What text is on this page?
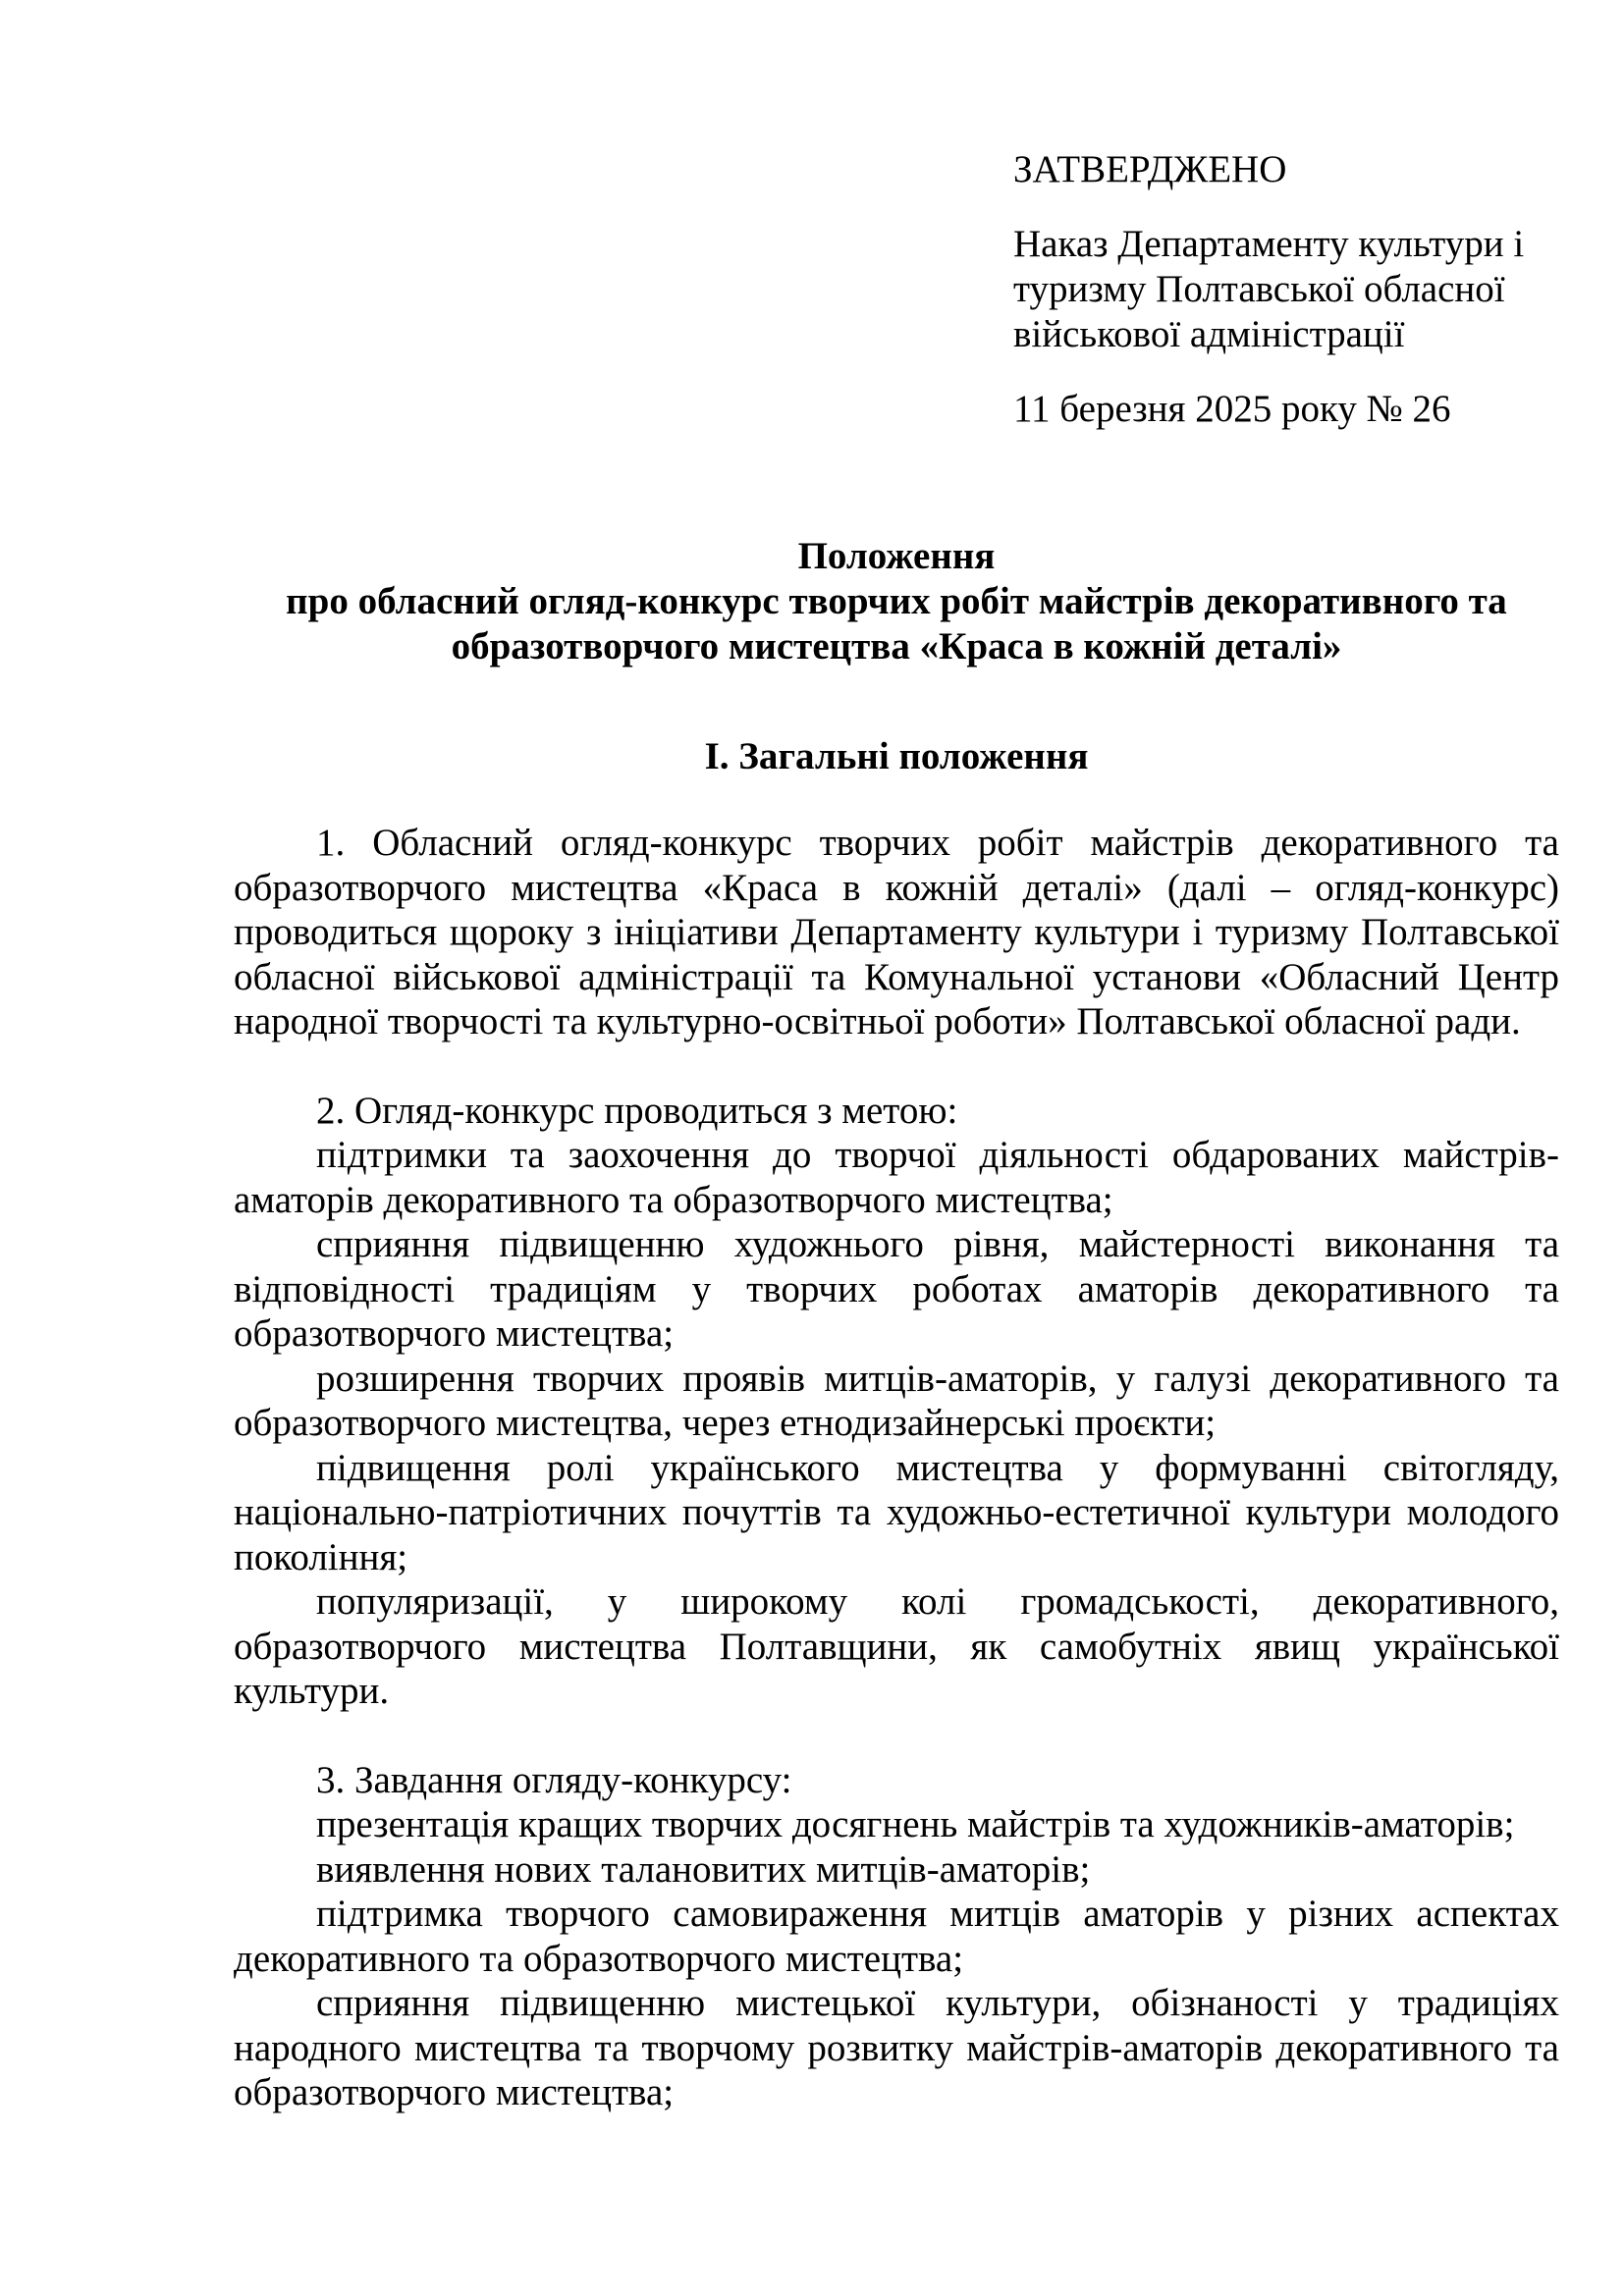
ЗАТВЕРДЖЕНО
Наказ Департаменту культури і туризму Полтавської обласної військової адміністрації
11 березня 2025 року № 26
Положення
про обласний огляд-конкурс творчих робіт майстрів декоративного та
образотворчого мистецтва «Краса в кожній деталі»
І. Загальні положення

1. Обласний огляд-конкурс творчих робіт майстрів декоративного та образотворчого мистецтва «Краса в кожній деталі» (далі – огляд-конкурс) проводиться щороку з ініціативи Департаменту культури і туризму Полтавської обласної військової адміністрації та Комунальної установи «Обласний Центр народної творчості та культурно-освітньої роботи» Полтавської обласної ради.

2. Огляд-конкурс проводиться з метою:

підтримки та заохочення до творчої діяльності обдарованих майстрів-аматорів декоративного та образотворчого мистецтва;

сприяння підвищенню художнього рівня, майстерності виконання та відповідності традиціям у творчих роботах аматорів декоративного та образотворчого мистецтва;

розширення творчих проявів митців-аматорів, у галузі декоративного та образотворчого мистецтва, через етнодизайнерські проєкти;

підвищення ролі українського мистецтва у формуванні світогляду, національно-патріотичних почуттів та художньо-естетичної культури молодого покоління;

популяризації, у широкому колі громадськості, декоративного, образотворчого мистецтва Полтавщини, як самобутніх явищ української культури.

3. Завдання огляду-конкурсу:

презентація кращих творчих досягнень майстрів та художників-аматорів;

виявлення нових талановитих митців-аматорів;

підтримка творчого самовираження митців аматорів у різних аспектах декоративного та образотворчого мистецтва;

сприяння підвищенню мистецької культури, обізнаності у традиціях народного мистецтва та творчому розвитку майстрів-аматорів декоративного та образотворчого мистецтва;
